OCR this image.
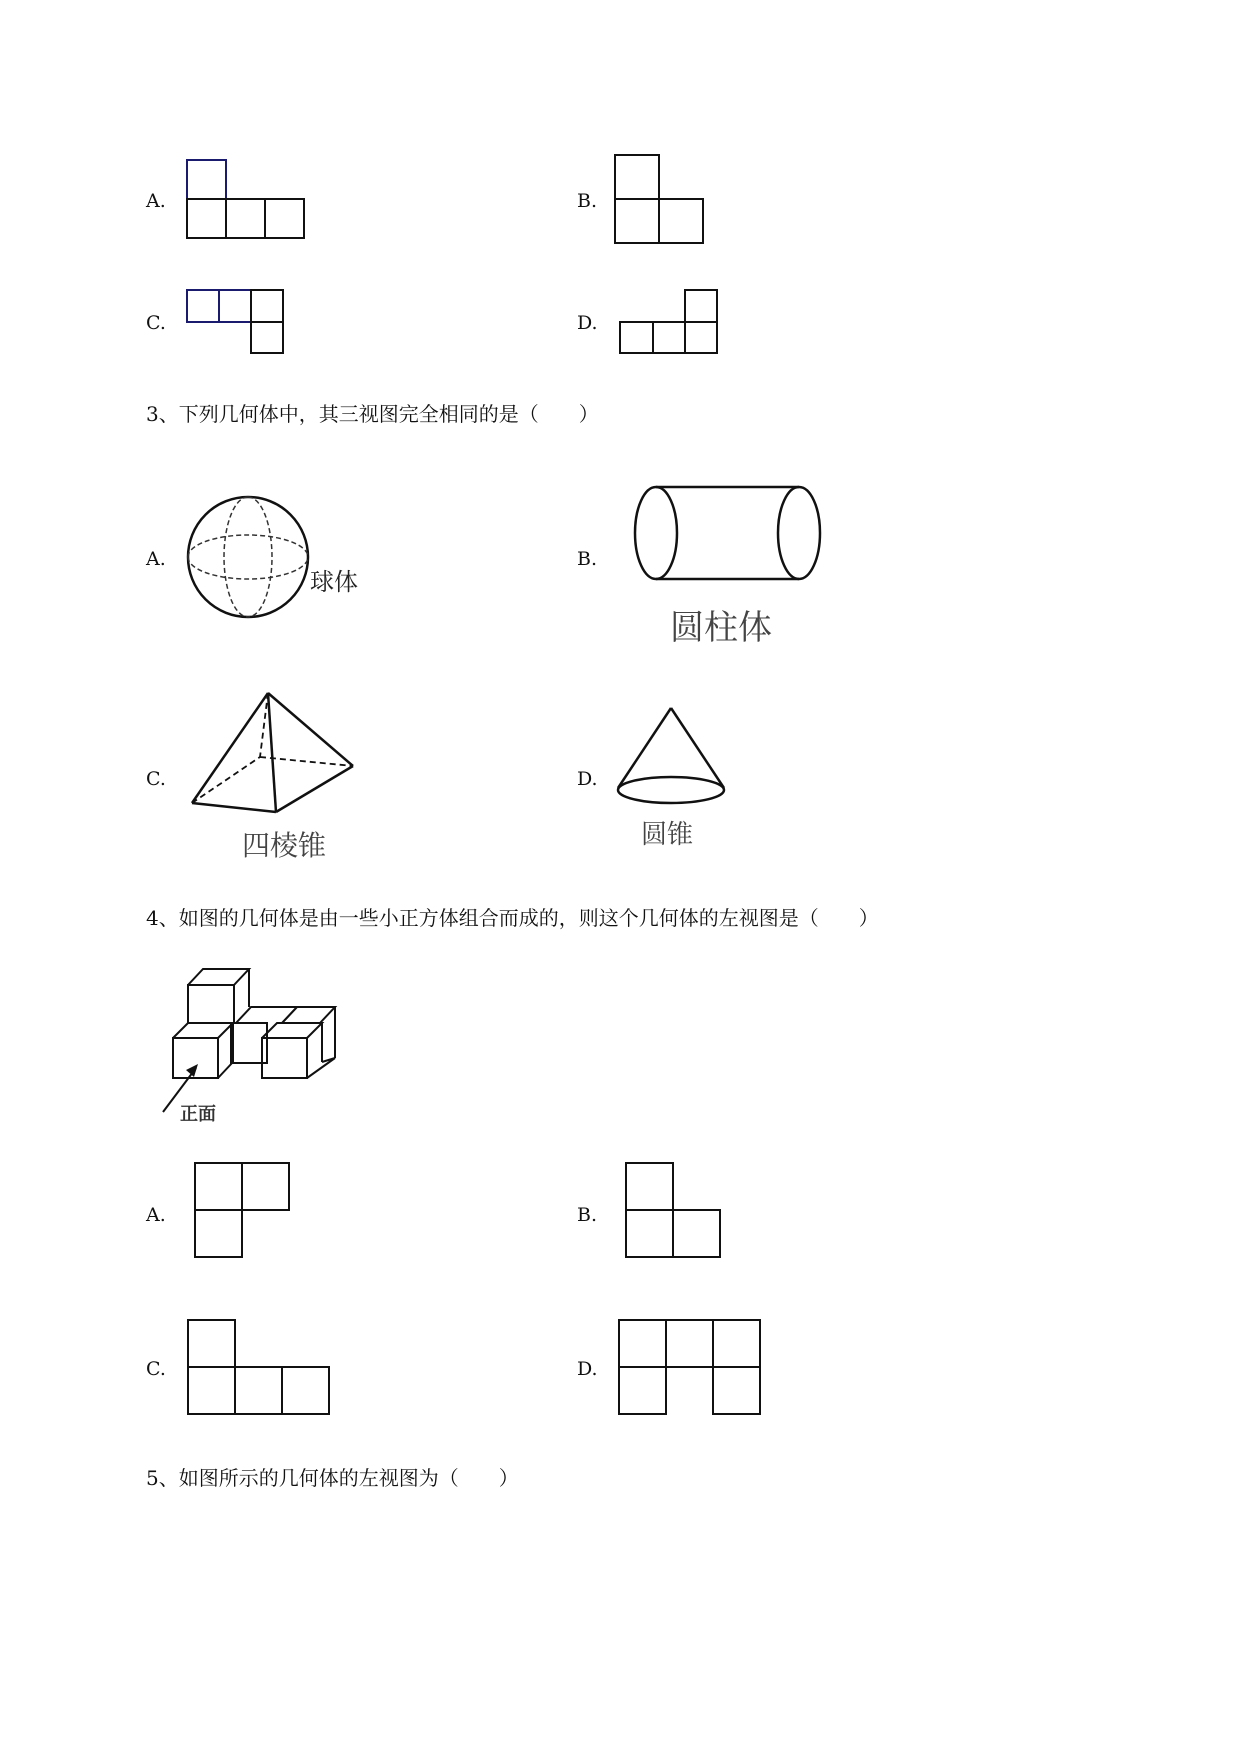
A.	B.
C.	D.
3、下列几何体中，其三视图完全相同的是（　　）
A.
球体
B.
圆柱体
C.
四棱锥
D.
圆锥
4、如图的几何体是由一些小正方体组合而成的，则这个几何体的左视图是（　　）
正面
A.	B.
C.	D.
5、如图所示的几何体的左视图为（　　）
